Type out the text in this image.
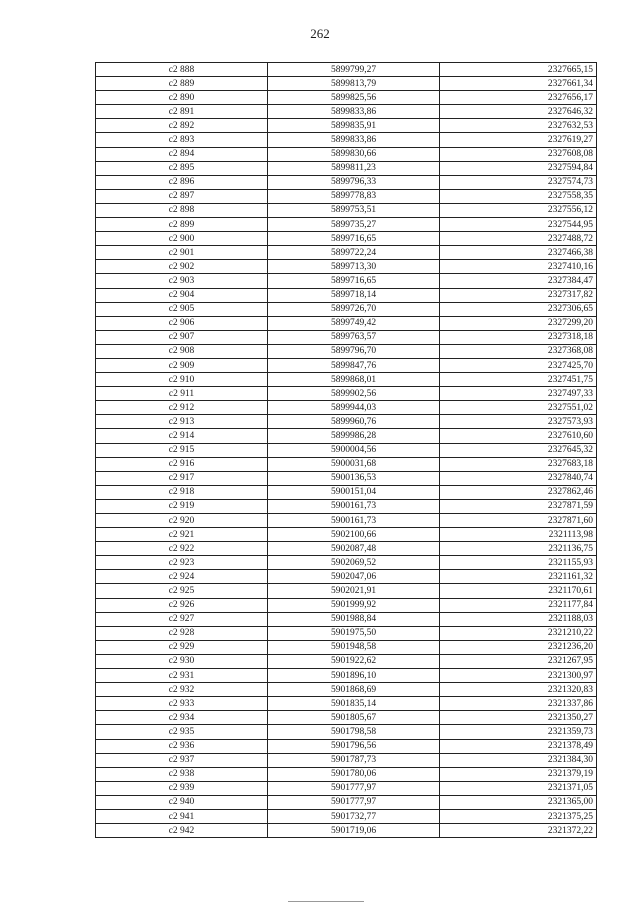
262
с2 888	5899799,27	2327665,15
с2 889	5899813,79	2327661,34
с2 890	5899825,56	2327656,17
с2 891	5899833,86	2327646,32
с2 892	5899835,91	2327632,53
с2 893	5899833,86	2327619,27
с2 894	5899830,66	2327608,08
с2 895	5899811,23	2327594,84
с2 896	5899796,33	2327574,73
с2 897	5899778,83	2327558,35
с2 898	5899753,51	2327556,12
с2 899	5899735,27	2327544,95
с2 900	5899716,65	2327488,72
с2 901	5899722,24	2327466,38
с2 902	5899713,30	2327410,16
с2 903	5899716,65	2327384,47
с2 904	5899718,14	2327317,82
с2 905	5899726,70	2327306,65
с2 906	5899749,42	2327299,20
с2 907	5899763,57	2327318,18
с2 908	5899796,70	2327368,08
с2 909	5899847,76	2327425,70
с2 910	5899868,01	2327451,75
с2 911	5899902,56	2327497,33
с2 912	5899944,03	2327551,02
с2 913	5899960,76	2327573,93
с2 914	5899986,28	2327610,60
с2 915	5900004,56	2327645,32
с2 916	5900031,68	2327683,18
с2 917	5900136,53	2327840,74
с2 918	5900151,04	2327862,46
с2 919	5900161,73	2327871,59
с2 920	5900161,73	2327871,60
с2 921	5902100,66	2321113,98
с2 922	5902087,48	2321136,75
с2 923	5902069,52	2321155,93
с2 924	5902047,06	2321161,32
с2 925	5902021,91	2321170,61
с2 926	5901999,92	2321177,84
с2 927	5901988,84	2321188,03
с2 928	5901975,50	2321210,22
с2 929	5901948,58	2321236,20
с2 930	5901922,62	2321267,95
с2 931	5901896,10	2321300,97
с2 932	5901868,69	2321320,83
с2 933	5901835,14	2321337,86
с2 934	5901805,67	2321350,27
с2 935	5901798,58	2321359,73
с2 936	5901796,56	2321378,49
с2 937	5901787,73	2321384,30
с2 938	5901780,06	2321379,19
с2 939	5901777,97	2321371,05
с2 940	5901777,97	2321365,00
с2 941	5901732,77	2321375,25
с2 942	5901719,06	2321372,22
